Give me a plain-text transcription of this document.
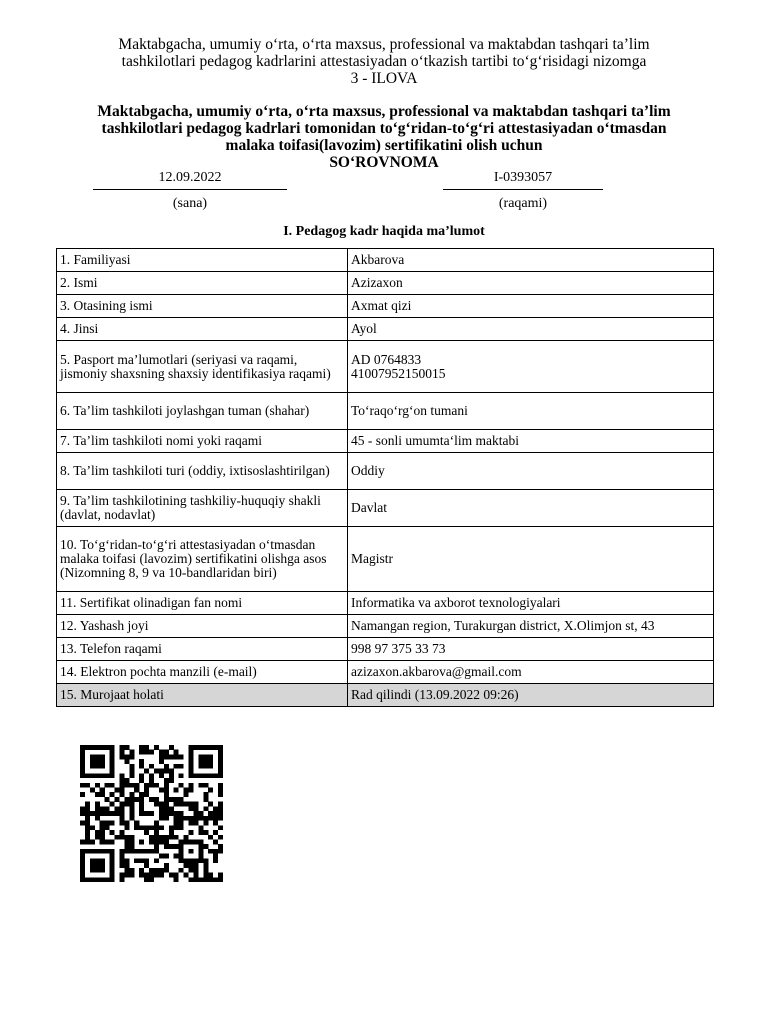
Maktabgacha, umumiy o‘rta, o‘rta maxsus, professional va maktabdan tashqari ta’lim
tashkilotlari pedagog kadrlarini attestasiyadan o‘tkazish tartibi to‘g‘risidagi nizomga
3 - ILOVA
Maktabgacha, umumiy o‘rta, o‘rta maxsus, professional va maktabdan tashqari ta’lim
tashkilotlari pedagog kadrlari tomonidan to‘g‘ridan-to‘g‘ri attestasiyadan o‘tmasdan
malaka toifasi(lavozim) sertifikatini olish uchun
SO‘ROVNOMA
12.09.2022
(sana)
I-0393057
(raqami)
I. Pedagog kadr haqida ma’lumot
1. Familiyasi	Akbarova
2. Ismi	Azizaxon
3. Otasining ismi	Axmat qizi
4. Jinsi	Ayol
5. Pasport ma’lumotlari (seriyasi va raqami, jismoniy shaxsning shaxsiy identifikasiya raqami)	AD 0764833
41007952150015

6. Ta’lim tashkiloti joylashgan tuman (shahar)	To‘raqo‘rg‘on tumani
7. Ta’lim tashkiloti nomi yoki raqami	45 - sonli umumta‘lim maktabi
8. Ta’lim tashkiloti turi (oddiy, ixtisoslashtirilgan)	Oddiy
9. Ta’lim tashkilotining tashkiliy-huquqiy shakli (davlat, nodavlat)	Davlat
10. To‘g‘ridan-to‘g‘ri attestasiyadan o‘tmasdan malaka toifasi (lavozim) sertifikatini olishga asos (Nizomning 8, 9 va 10-bandlaridan biri)	Magistr
11. Sertifikat olinadigan fan nomi	Informatika va axborot texnologiyalari
12. Yashash joyi	Namangan region, Turakurgan district, X.Olimjon st, 43
13. Telefon raqami	998 97 375 33 73
14. Elektron pochta manzili (e-mail)	azizaxon.akbarova@gmail.com
15. Murojaat holati	Rad qilindi (13.09.2022 09:26)
